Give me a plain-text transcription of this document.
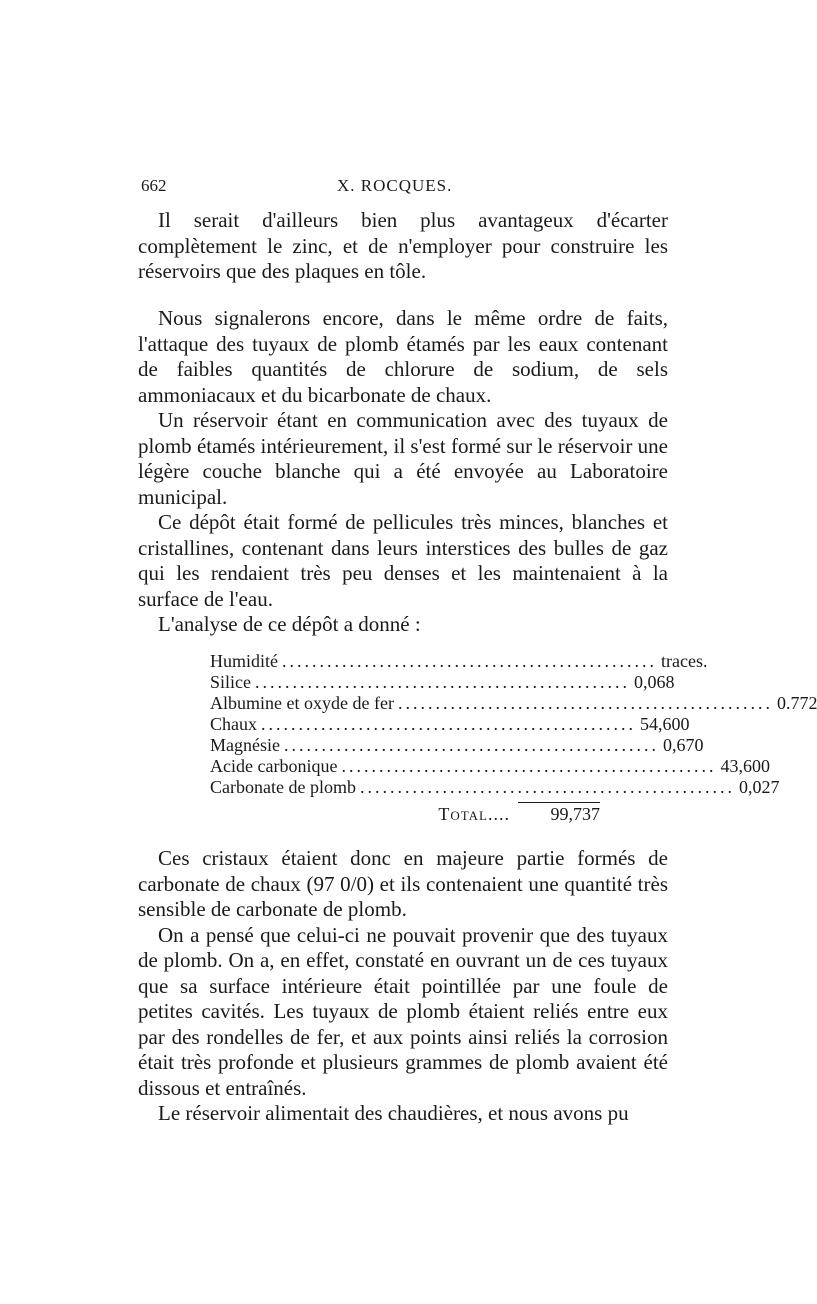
662	X. ROCQUES.

Il serait d'ailleurs bien plus avantageux d'écarter complètement le zinc, et de n'employer pour construire les réservoirs que des plaques en tôle.

Nous signalerons encore, dans le même ordre de faits, l'attaque des tuyaux de plomb étamés par les eaux contenant de faibles quantités de chlorure de sodium, de sels ammoniacaux et du bicarbonate de chaux.

Un réservoir étant en communication avec des tuyaux de plomb étamés intérieurement, il s'est formé sur le réservoir une légère couche blanche qui a été envoyée au Laboratoire municipal.

Ce dépôt était formé de pellicules très minces, blanches et cristallines, contenant dans leurs interstices des bulles de gaz qui les rendaient très peu denses et les maintenaient à la surface de l'eau.

L'analyse de ce dépôt a donné :

Humidité .................................................. traces.
Silice .................................................. 0,068
Albumine et oxyde de fer .................................................. 0.772
Chaux .................................................. 54,600
Magnésie .................................................. 0,670
Acide carbonique .................................................. 43,600
Carbonate de plomb .................................................. 0,027
Total....	99,737

Ces cristaux étaient donc en majeure partie formés de carbonate de chaux (97 0/0) et ils contenaient une quantité très sensible de carbonate de plomb.

On a pensé que celui-ci ne pouvait provenir que des tuyaux de plomb. On a, en effet, constaté en ouvrant un de ces tuyaux que sa surface intérieure était pointillée par une foule de petites cavités. Les tuyaux de plomb étaient reliés entre eux par des rondelles de fer, et aux points ainsi reliés la corrosion était très profonde et plusieurs grammes de plomb avaient été dissous et entraînés.

Le réservoir alimentait des chaudières, et nous avons pu
